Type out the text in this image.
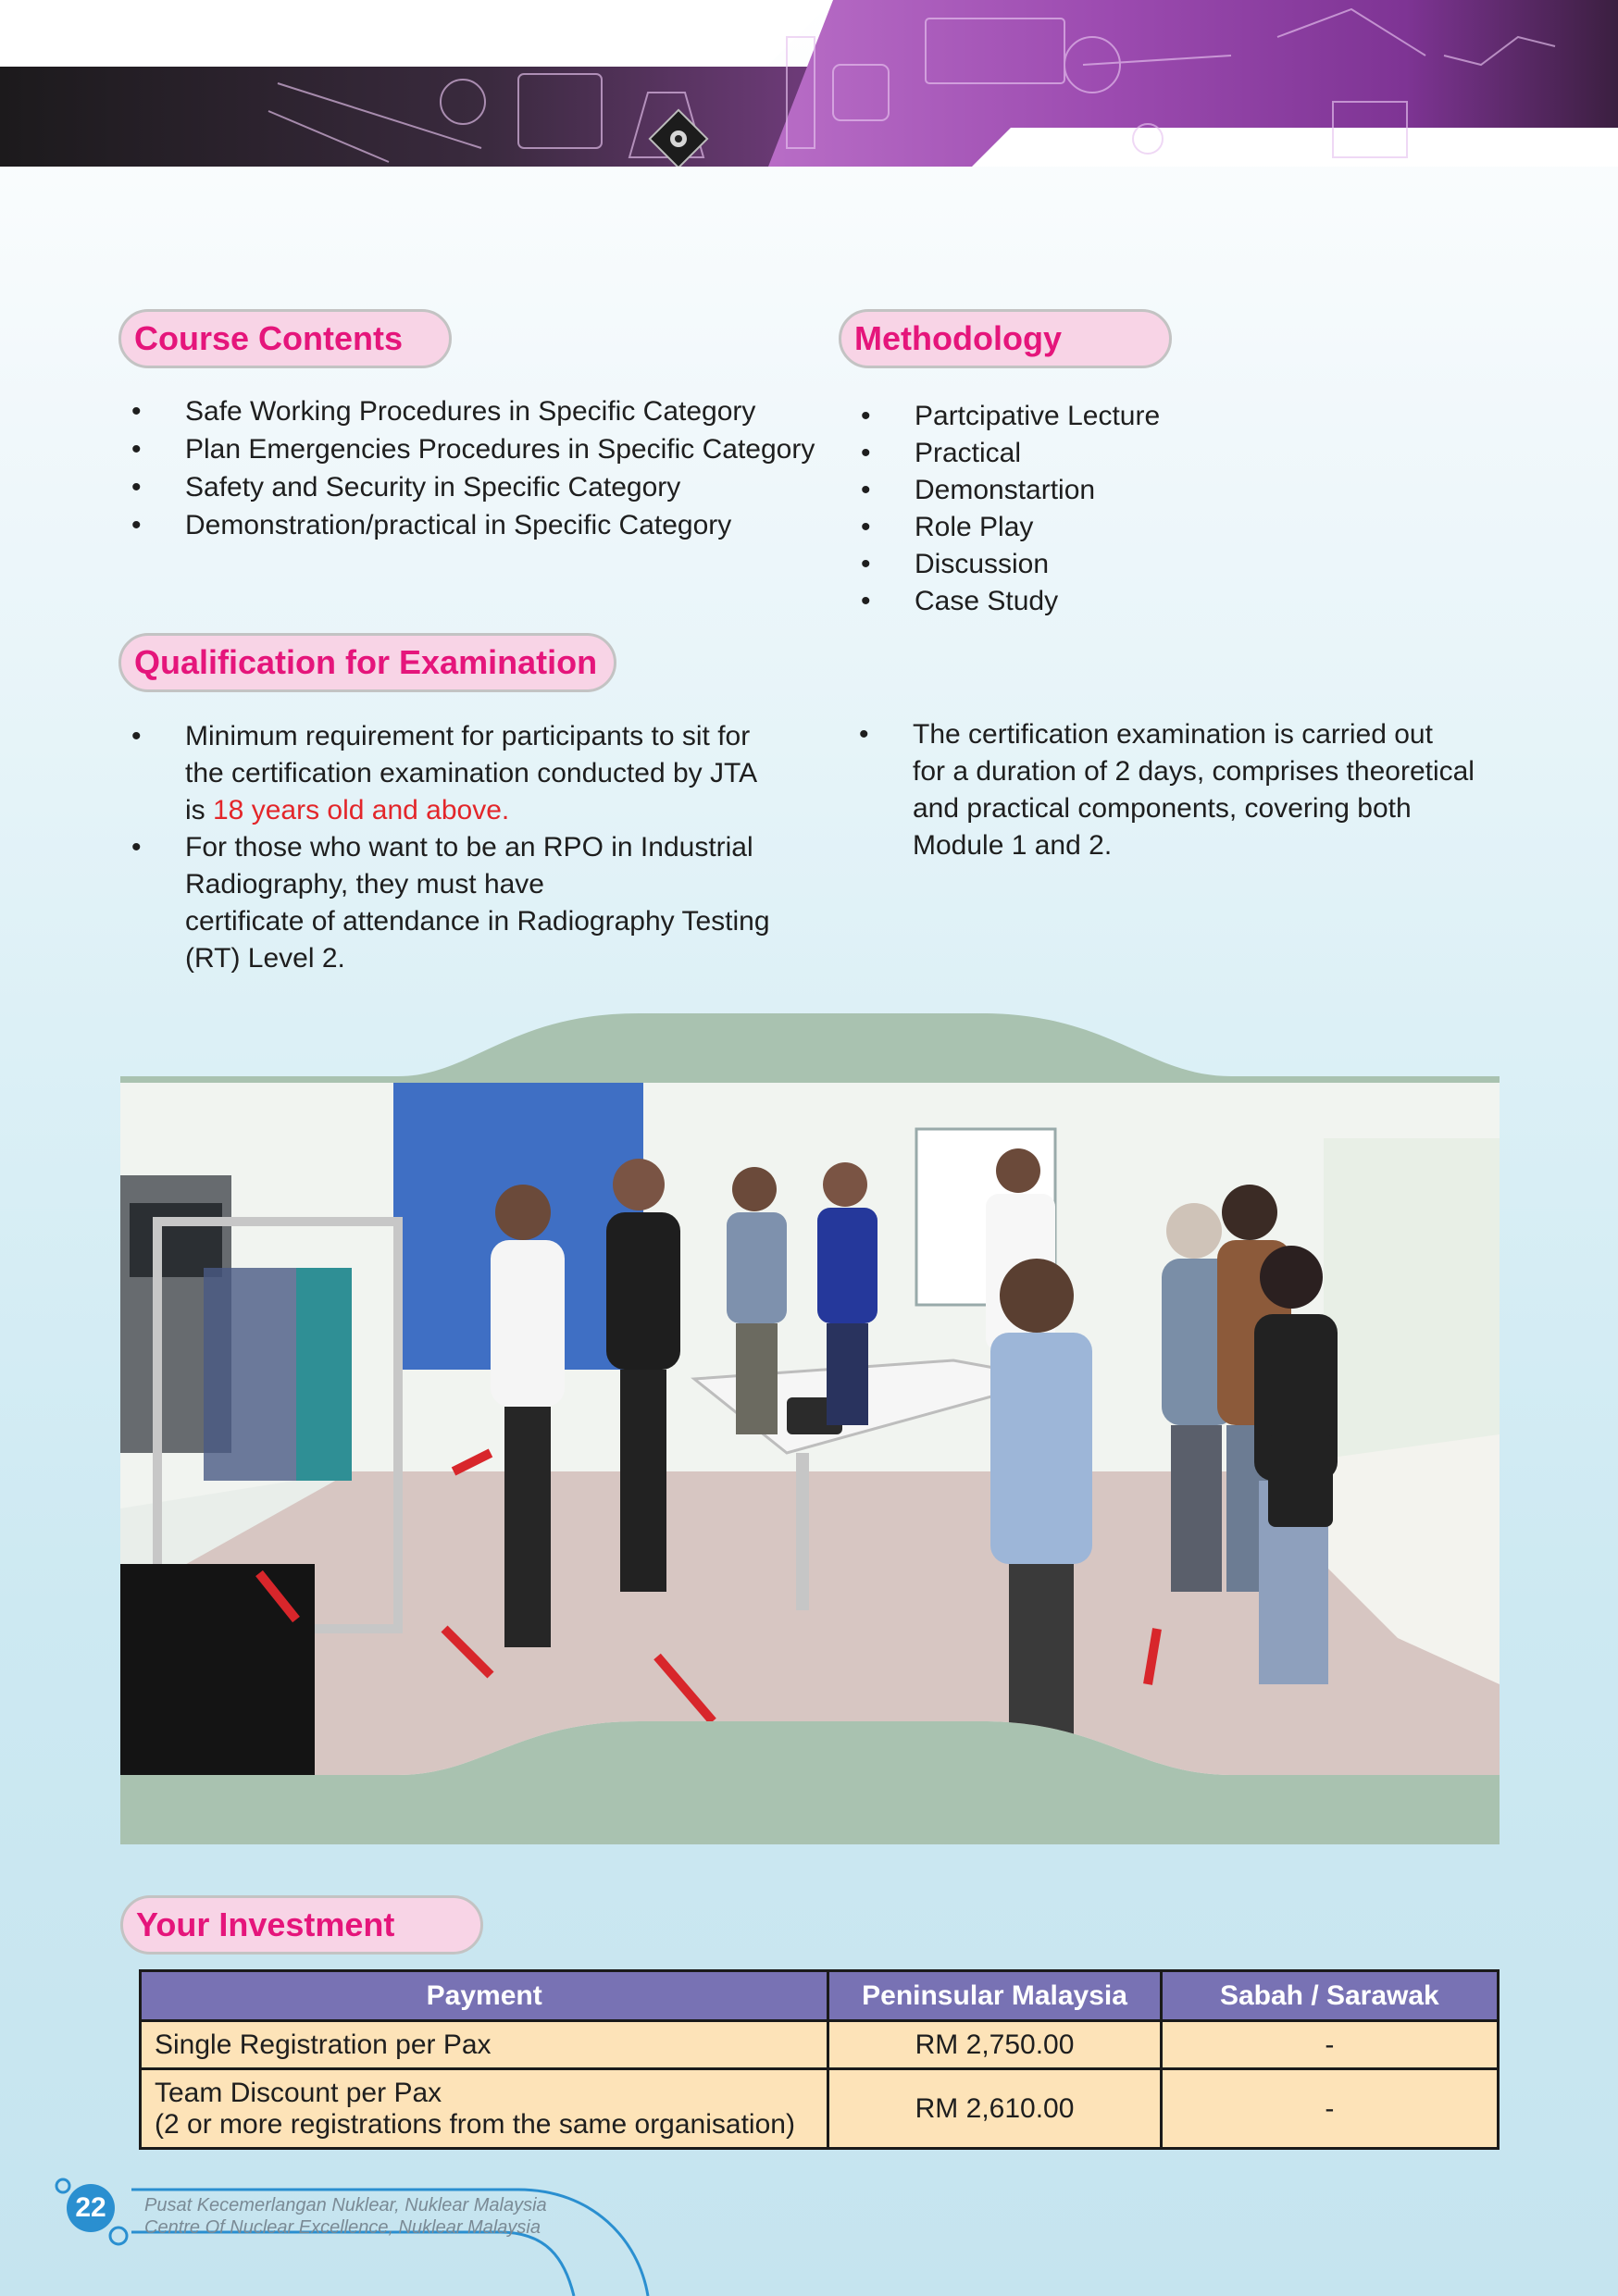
Course Contents
• Safe Working Procedures in Specific Category
• Plan Emergencies Procedures in Specific Category
• Safety and Security in Specific Category
• Demonstration/practical in Specific Category
Methodology
• Partcipative Lecture
• Practical
• Demonstartion
• Role Play
• Discussion
• Case Study
Qualification for Examination
• Minimum requirement for participants to sit for
the certification examination conducted by JTA
is 18 years old and above.
• For those who want to be an RPO in Industrial
Radiography, they must have
certificate of attendance in Radiography Testing
(RT) Level 2.
• The certification examination is carried out
for a duration of 2 days, comprises theoretical
and practical components, covering both
Module 1 and 2.
Your Investment
Payment	Peninsular Malaysia	Sabah / Sarawak
Single Registration per Pax	RM 2,750.00	-
Team Discount per Pax
(2 or more registrations from the same organisation)	RM 2,610.00	-
22	Pusat Kecemerlangan Nuklear, Nuklear Malaysia
Centre Of Nuclear Excellence, Nuklear Malaysia
